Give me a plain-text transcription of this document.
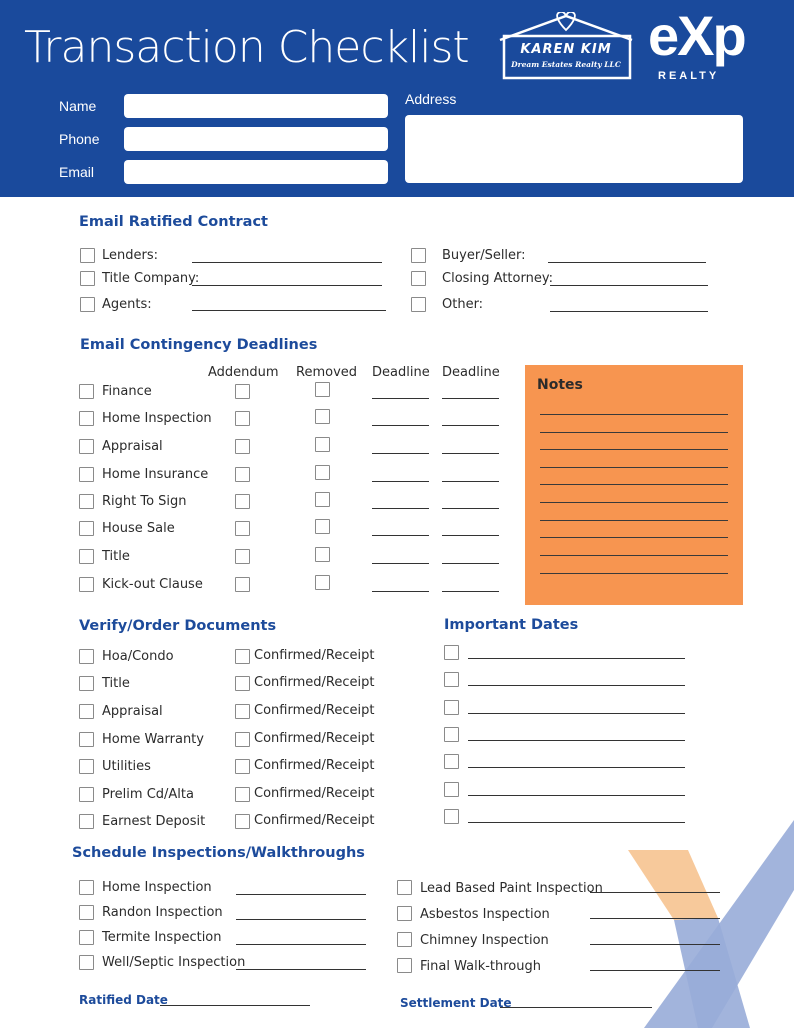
Transaction Checklist
Name
Phone
Email
Address
KAREN KIM
Dream Estates Realty LLC eXp
REALTY
Email Ratified Contract
Lenders:
Title Company:
Agents:
Buyer/Seller:
Closing Attorney:
Other:
Email Contingency Deadlines
Addendum Removed Deadline Deadline
Finance
Home Inspection
Appraisal
Home Insurance
Right To Sign
House Sale
Title
Kick-out Clause
Notes
Verify/Order Documents
Hoa/Condo	Confirmed/Receipt
Title	Confirmed/Receipt
Appraisal	Confirmed/Receipt
Home Warranty	Confirmed/Receipt
Utilities	Confirmed/Receipt
Prelim Cd/Alta	Confirmed/Receipt
Earnest Deposit	Confirmed/Receipt
Important Dates
Schedule Inspections/Walkthroughs
Home Inspection
Randon Inspection
Termite Inspection
Well/Septic Inspection
Lead Based Paint Inspection
Asbestos Inspection
Chimney Inspection
Final Walk-through
Ratified Date	Settlement Date
